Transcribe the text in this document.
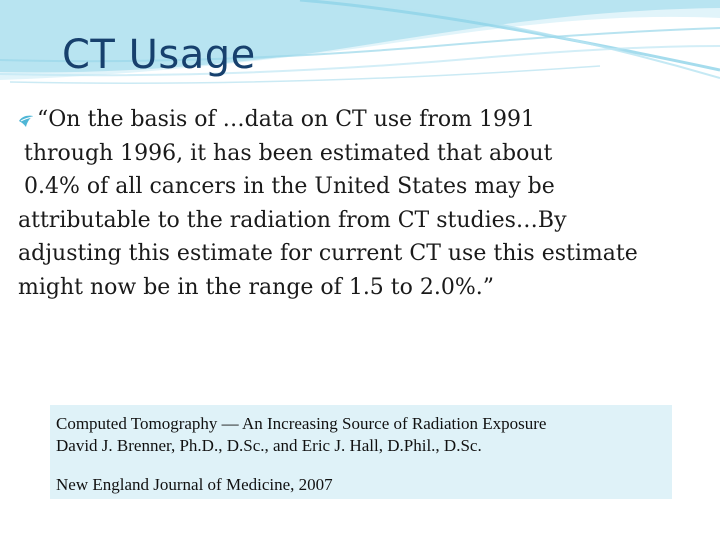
CT Usage
“On the basis of …data on CT use from 1991
through 1996, it has been estimated that about
0.4% of all cancers in the United States may be
attributable to the radiation from CT studies…By
adjusting this estimate for current CT use this estimate
might now be in the range of 1.5 to 2.0%.”
Computed Tomography — An Increasing Source of Radiation Exposure
David J. Brenner, Ph.D., D.Sc., and Eric J. Hall, D.Phil., D.Sc.
New England Journal of Medicine, 2007
